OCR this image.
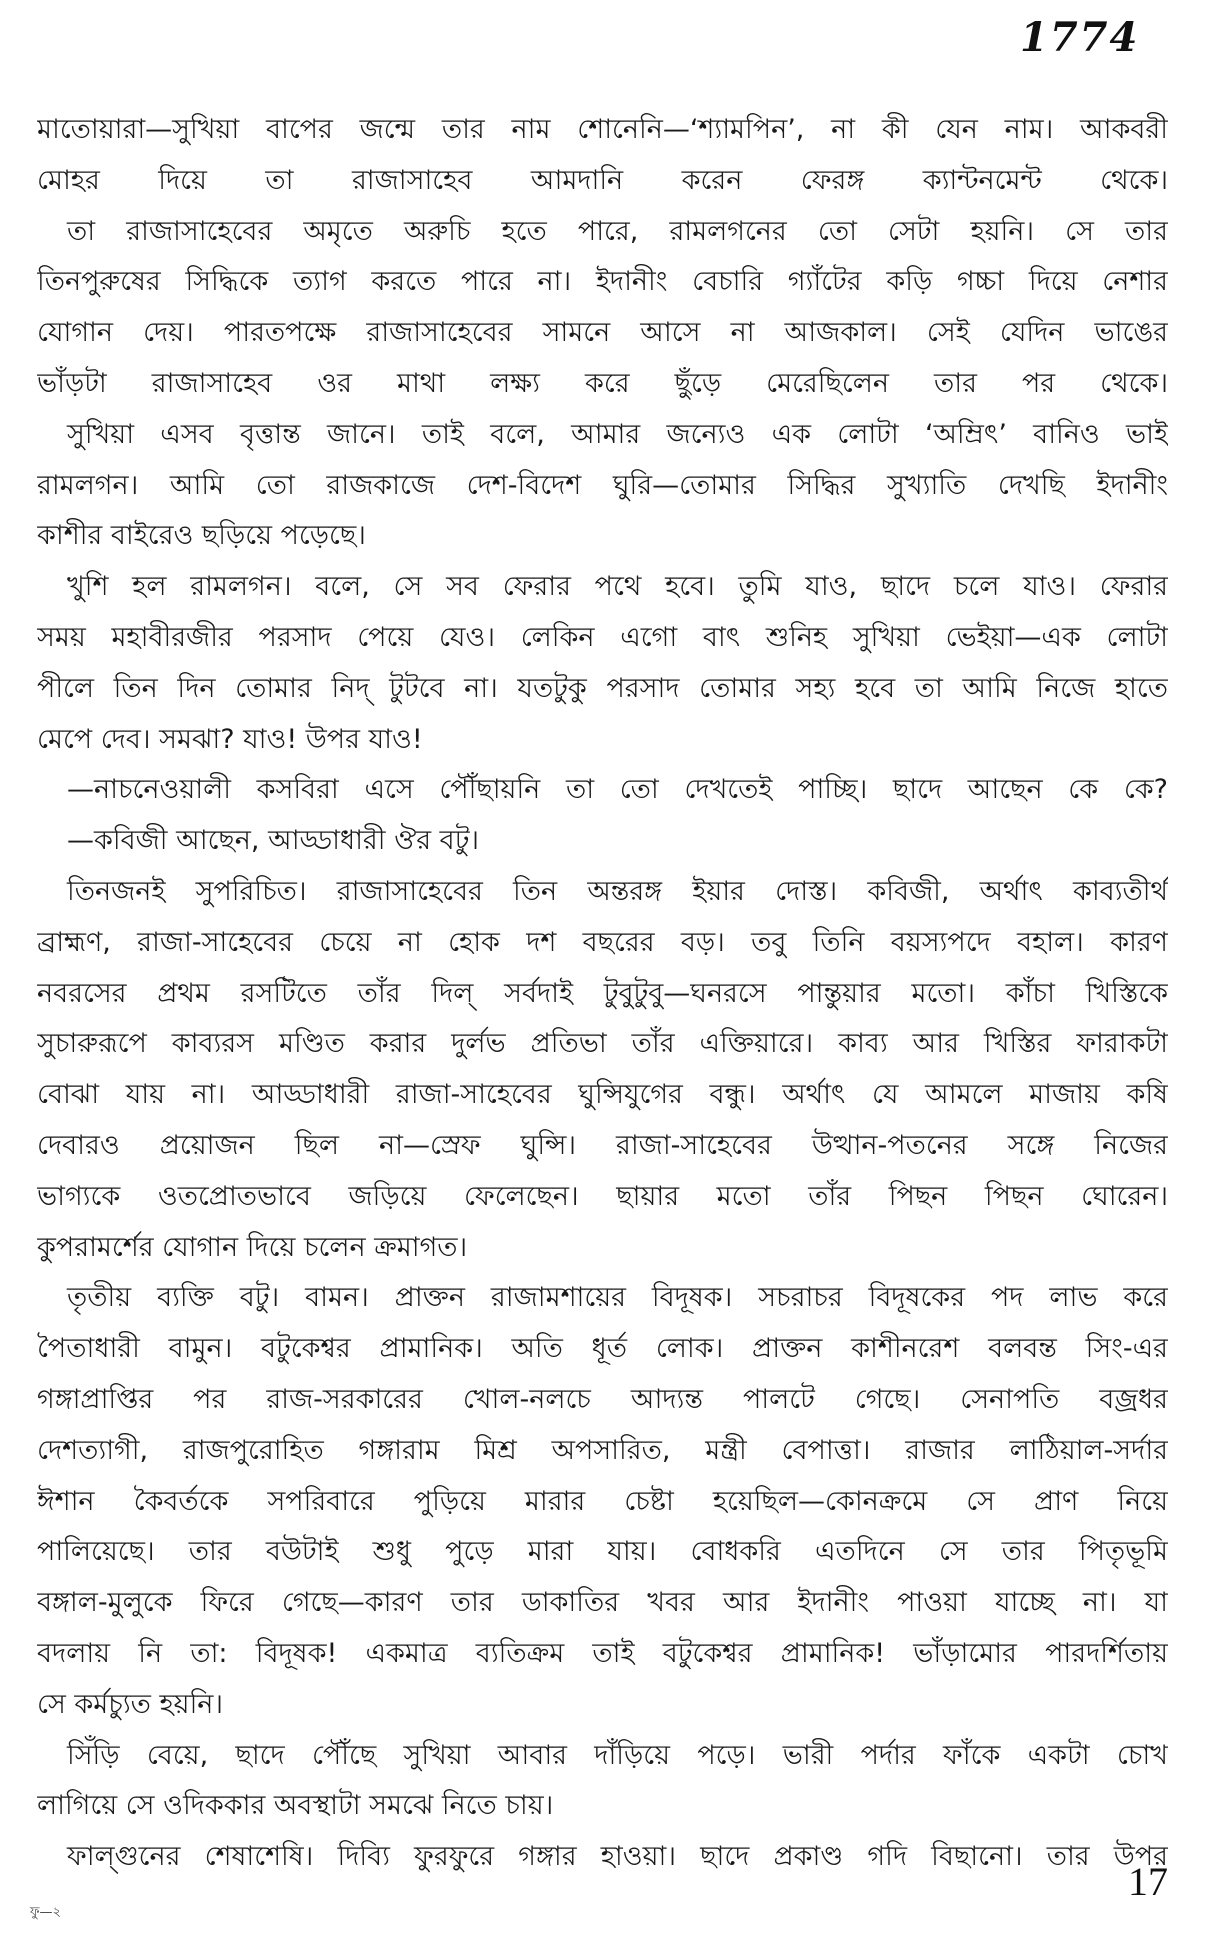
1774
মাতোয়ারা—সুখিয়া বাপের জন্মে তার নাম শোনেনি—‘শ্যামপিন’, না কী যেন নাম। আকবরী
মোহর দিয়ে তা রাজাসাহেব আমদানি করেন ফেরঙ্গ ক্যান্টনমেন্ট থেকে।
তা রাজাসাহেবের অমৃতে অরুচি হতে পারে, রামলগনের তো সেটা হয়নি। সে তার
তিনপুরুষের সিদ্ধিকে ত্যাগ করতে পারে না। ইদানীং বেচারি গ্যাঁটের কড়ি গচ্চা দিয়ে নেশার
যোগান দেয়। পারতপক্ষে রাজাসাহেবের সামনে আসে না আজকাল। সেই যেদিন ভাঙের
ভাঁড়টা রাজাসাহেব ওর মাথা লক্ষ্য করে ছুঁড়ে মেরেছিলেন তার পর থেকে।
সুখিয়া এসব বৃত্তান্ত জানে। তাই বলে, আমার জন্যেও এক লোটা ‘অম্রিৎ’ বানিও ভাই
রামলগন। আমি তো রাজকাজে দেশ-বিদেশ ঘুরি—তোমার সিদ্ধির সুখ্যাতি দেখছি ইদানীং
কাশীর বাইরেও ছড়িয়ে পড়েছে।
খুশি হল রামলগন। বলে, সে সব ফেরার পথে হবে। তুমি যাও, ছাদে চলে যাও। ফেরার
সময় মহাবীরজীর পরসাদ পেয়ে যেও। লেকিন এগো বাৎ শুনিহ সুখিয়া ভেইয়া—এক লোটা
পীলে তিন দিন তোমার নিদ্ টুটবে না। যতটুকু পরসাদ তোমার সহ্য হবে তা আমি নিজে হাতে
মেপে দেব। সমঝা? যাও! উপর যাও!
—নাচনেওয়ালী কসবিরা এসে পৌঁছায়নি তা তো দেখতেই পাচ্ছি। ছাদে আছেন কে কে?
—কবিজী আছেন, আড্ডাধারী ঔর বটু।
তিনজনই সুপরিচিত। রাজাসাহেবের তিন অন্তরঙ্গ ইয়ার দোস্ত। কবিজী, অর্থাৎ কাব্যতীর্থ
ব্রাহ্মণ, রাজা-সাহেবের চেয়ে না হোক দশ বছরের বড়। তবু তিনি বয়স্যপদে বহাল। কারণ
নবরসের প্রথম রসটিতে তাঁর দিল্ সর্বদাই টুবুটুবু—ঘনরসে পান্তুয়ার মতো। কাঁচা খিস্তিকে
সুচারুরূপে কাব্যরস মণ্ডিত করার দুর্লভ প্রতিভা তাঁর এক্তিয়ারে। কাব্য আর খিস্তির ফারাকটা
বোঝা যায় না। আড্ডাধারী রাজা-সাহেবের ঘুন্সিযুগের বন্ধু। অর্থাৎ যে আমলে মাজায় কষি
দেবারও প্রয়োজন ছিল না—স্রেফ ঘুন্সি। রাজা-সাহেবের উত্থান-পতনের সঙ্গে নিজের
ভাগ্যকে ওতপ্রোতভাবে জড়িয়ে ফেলেছেন। ছায়ার মতো তাঁর পিছন পিছন ঘোরেন।
কুপরামর্শের যোগান দিয়ে চলেন ক্রমাগত।
তৃতীয় ব্যক্তি বটু। বামন। প্রাক্তন রাজামশায়ের বিদূষক। সচরাচর বিদূষকের পদ লাভ করে
পৈতাধারী বামুন। বটুকেশ্বর প্রামানিক। অতি ধূর্ত লোক। প্রাক্তন কাশীনরেশ বলবন্ত সিং-এর
গঙ্গাপ্রাপ্তির পর রাজ-সরকারের খোল-নলচে আদ্যন্ত পালটে গেছে। সেনাপতি বজ্রধর
দেশত্যাগী, রাজপুরোহিত গঙ্গারাম মিশ্র অপসারিত, মন্ত্রী বেপাত্তা। রাজার লাঠিয়াল-সর্দার
ঈশান কৈবর্তকে সপরিবারে পুড়িয়ে মারার চেষ্টা হয়েছিল—কোনক্রমে সে প্রাণ নিয়ে
পালিয়েছে। তার বউটাই শুধু পুড়ে মারা যায়। বোধকরি এতদিনে সে তার পিতৃভূমি
বঙ্গাল-মুলুকে ফিরে গেছে—কারণ তার ডাকাতির খবর আর ইদানীং পাওয়া যাচ্ছে না। যা
বদলায় নি তা: বিদূষক! একমাত্র ব্যতিক্রম তাই বটুকেশ্বর প্রামানিক! ভাঁড়ামোর পারদর্শিতায়
সে কর্মচ্যুত হয়নি।
সিঁড়ি বেয়ে, ছাদে পৌঁছে সুখিয়া আবার দাঁড়িয়ে পড়ে। ভারী পর্দার ফাঁকে একটা চোখ
লাগিয়ে সে ওদিককার অবস্থাটা সমঝে নিতে চায়।
ফাল্গুনের শেষাশেষি। দিব্যি ফুরফুরে গঙ্গার হাওয়া। ছাদে প্রকাণ্ড গদি বিছানো। তার উপর
17
ফু—২
